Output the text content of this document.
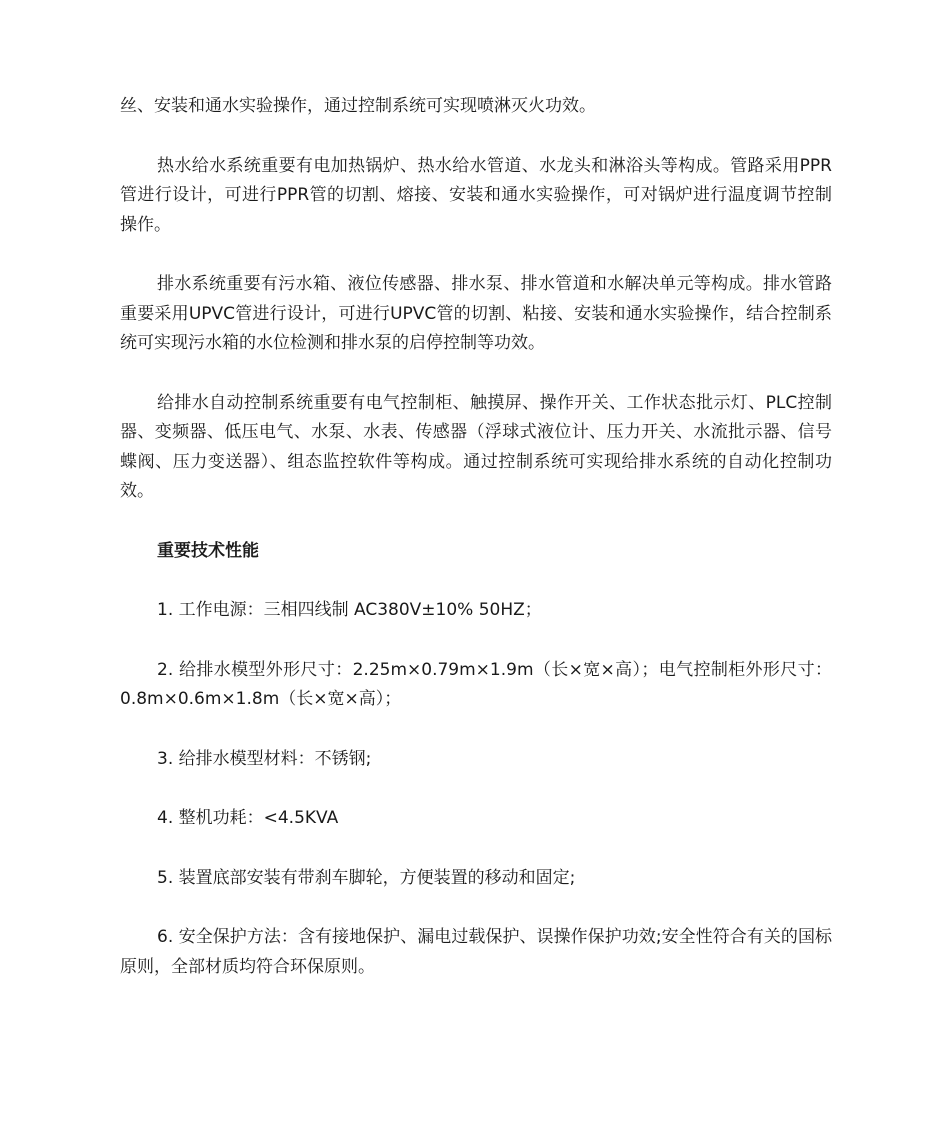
丝、安装和通水实验操作，通过控制系统可实现喷淋灭火功效。

热水给水系统重要有电加热锅炉、热水给水管道、水龙头和淋浴头等构成。管路采用PPR管进行设计，可进行PPR管的切割、熔接、安装和通水实验操作，可对锅炉进行温度调节控制操作。

排水系统重要有污水箱、液位传感器、排水泵、排水管道和水解决单元等构成。排水管路重要采用UPVC管进行设计，可进行UPVC管的切割、粘接、安装和通水实验操作，结合控制系统可实现污水箱的水位检测和排水泵的启停控制等功效。

给排水自动控制系统重要有电气控制柜、触摸屏、操作开关、工作状态批示灯、PLC控制器、变频器、低压电气、水泵、水表、传感器（浮球式液位计、压力开关、水流批示器、信号蝶阀、压力变送器）、组态监控软件等构成。通过控制系统可实现给排水系统的自动化控制功效。

重要技术性能

1. 工作电源：三相四线制 AC380V±10% 50HZ；

2. 给排水模型外形尺寸：2.25m×0.79m×1.9m（长×宽×高）；电气控制柜外形尺寸：0.8m×0.6m×1.8m（长×宽×高）；

3. 给排水模型材料：不锈钢;

4. 整机功耗：<4.5KVA

5. 装置底部安装有带刹车脚轮，方便装置的移动和固定;

6. 安全保护方法：含有接地保护、漏电过载保护、误操作保护功效;安全性符合有关的国标原则，全部材质均符合环保原则。
